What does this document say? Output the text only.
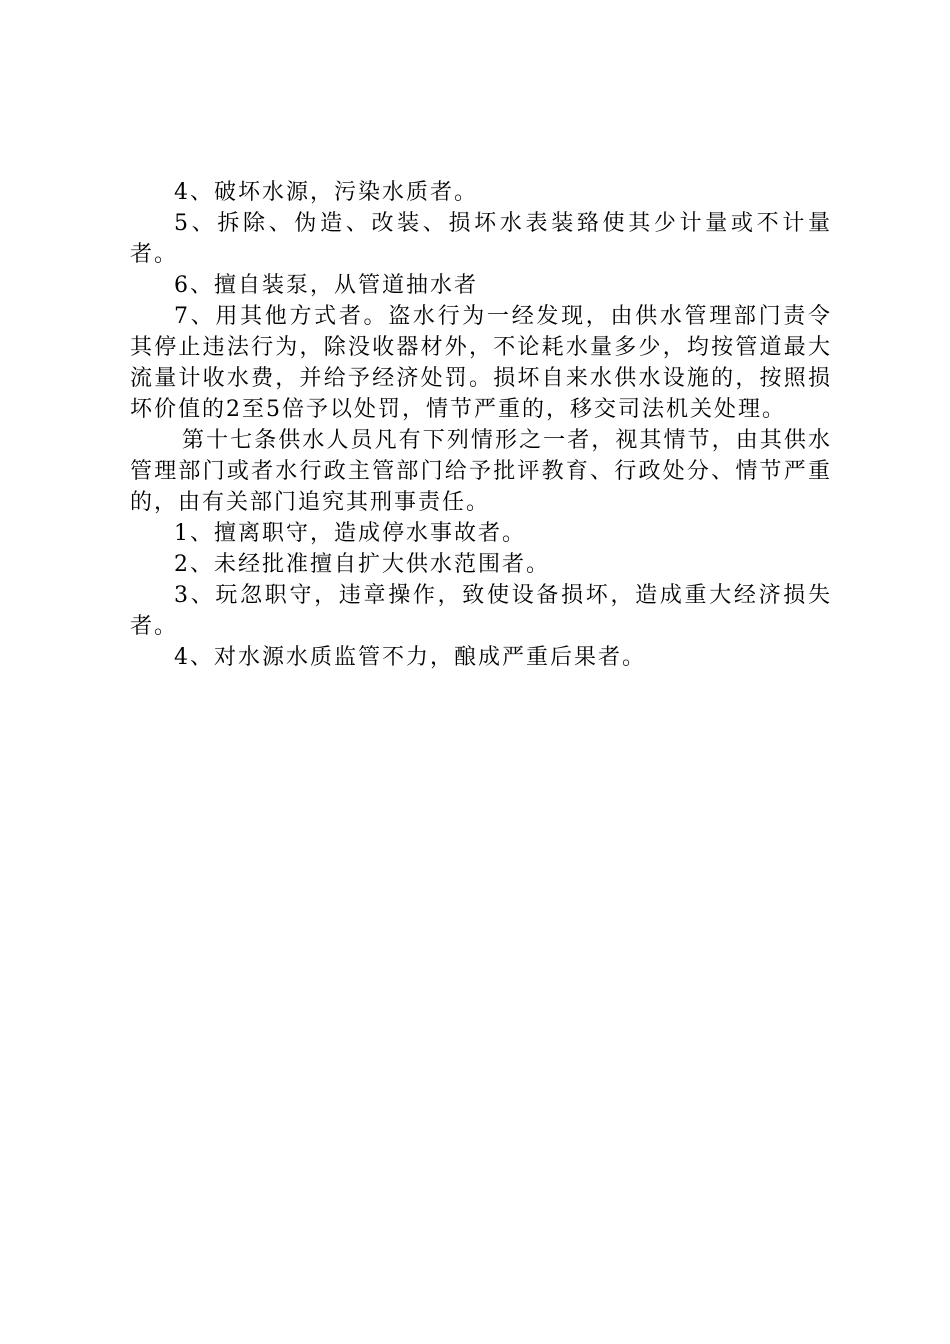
4、破坏水源，污染水质者。

5、拆除、伪造、改装、损坏水表装臵使其少计量或不计量者。

6、擅自装泵，从管道抽水者

7、用其他方式者。盗水行为一经发现，由供水管理部门责令其停止违法行为，除没收器材外，不论耗水量多少，均按管道最大流量计收水费，并给予经济处罚。损坏自来水供水设施的，按照损坏价值的2至5倍予以处罚，情节严重的，移交司法机关处理。

第十七条供水人员凡有下列情形之一者，视其情节，由其供水管理部门或者水行政主管部门给予批评教育、行政处分、情节严重的，由有关部门追究其刑事责任。

1、擅离职守，造成停水事故者。

2、未经批准擅自扩大供水范围者。

3、玩忽职守，违章操作，致使设备损坏，造成重大经济损失者。

4、对水源水质监管不力，酿成严重后果者。
